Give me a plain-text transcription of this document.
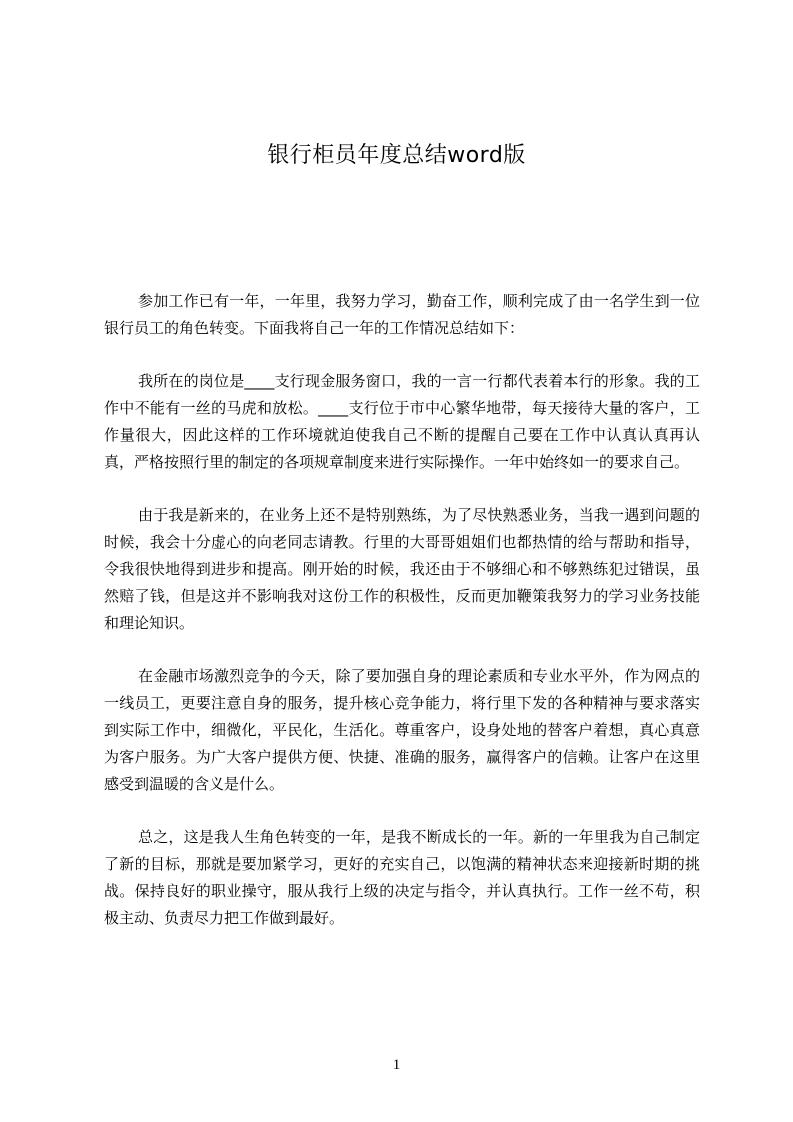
银行柜员年度总结word版

参加工作已有一年，一年里，我努力学习，勤奋工作，顺利完成了由一名学生到一位银行员工的角色转变。下面我将自己一年的工作情况总结如下：

我所在的岗位是____支行现金服务窗口，我的一言一行都代表着本行的形象。我的工作中不能有一丝的马虎和放松。____支行位于市中心繁华地带，每天接待大量的客户，工作量很大，因此这样的工作环境就迫使我自己不断的提醒自己要在工作中认真认真再认真，严格按照行里的制定的各项规章制度来进行实际操作。一年中始终如一的要求自己。

由于我是新来的，在业务上还不是特别熟练，为了尽快熟悉业务，当我一遇到问题的时候，我会十分虚心的向老同志请教。行里的大哥哥姐姐们也都热情的给与帮助和指导，令我很快地得到进步和提高。刚开始的时候，我还由于不够细心和不够熟练犯过错误，虽然赔了钱，但是这并不影响我对这份工作的积极性，反而更加鞭策我努力的学习业务技能和理论知识。

在金融市场激烈竞争的今天，除了要加强自身的理论素质和专业水平外，作为网点的一线员工，更要注意自身的服务，提升核心竞争能力，将行里下发的各种精神与要求落实到实际工作中，细微化，平民化，生活化。尊重客户，设身处地的替客户着想，真心真意为客户服务。为广大客户提供方便、快捷、准确的服务，赢得客户的信赖。让客户在这里感受到温暖的含义是什么。

总之，这是我人生角色转变的一年，是我不断成长的一年。新的一年里我为自己制定了新的目标，那就是要加紧学习，更好的充实自己，以饱满的精神状态来迎接新时期的挑战。保持良好的职业操守，服从我行上级的决定与指令，并认真执行。工作一丝不苟，积极主动、负责尽力把工作做到最好。

1
